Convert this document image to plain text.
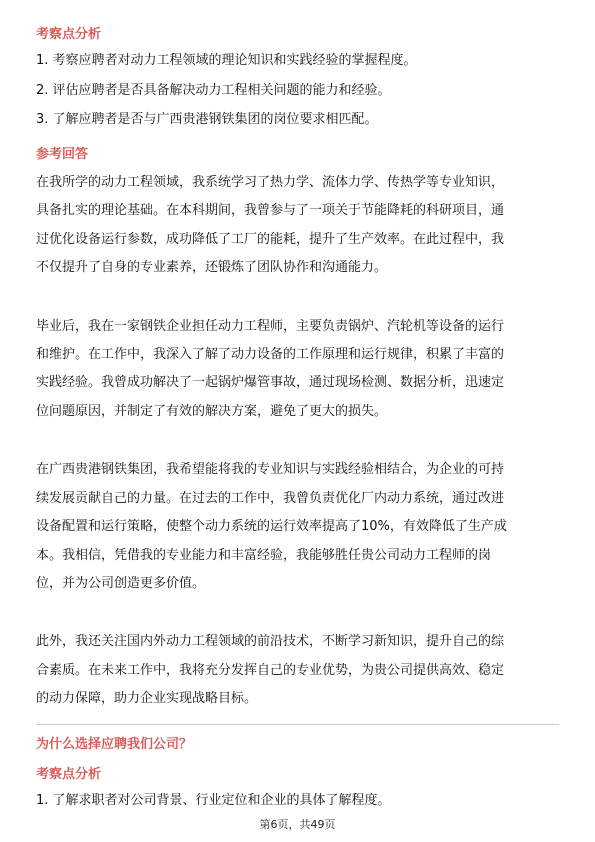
考察点分析
1. 考察应聘者对动力工程领域的理论知识和实践经验的掌握程度。
2. 评估应聘者是否具备解决动力工程相关问题的能力和经验。
3. 了解应聘者是否与广西贵港钢铁集团的岗位要求相匹配。
参考回答
在我所学的动力工程领域，我系统学习了热力学、流体力学、传热学等专业知识，
具备扎实的理论基础。在本科期间，我曾参与了一项关于节能降耗的科研项目，通
过优化设备运行参数，成功降低了工厂的能耗，提升了生产效率。在此过程中，我
不仅提升了自身的专业素养，还锻炼了团队协作和沟通能力。
毕业后，我在一家钢铁企业担任动力工程师，主要负责锅炉、汽轮机等设备的运行
和维护。在工作中，我深入了解了动力设备的工作原理和运行规律，积累了丰富的
实践经验。我曾成功解决了一起锅炉爆管事故，通过现场检测、数据分析，迅速定
位问题原因，并制定了有效的解决方案，避免了更大的损失。
在广西贵港钢铁集团，我希望能将我的专业知识与实践经验相结合，为企业的可持
续发展贡献自己的力量。在过去的工作中，我曾负责优化厂内动力系统，通过改进
设备配置和运行策略，使整个动力系统的运行效率提高了10%，有效降低了生产成
本。我相信，凭借我的专业能力和丰富经验，我能够胜任贵公司动力工程师的岗
位，并为公司创造更多价值。
此外，我还关注国内外动力工程领域的前沿技术，不断学习新知识，提升自己的综
合素质。在未来工作中，我将充分发挥自己的专业优势，为贵公司提供高效、稳定
的动力保障，助力企业实现战略目标。
为什么选择应聘我们公司？
考察点分析
1. 了解求职者对公司背景、行业定位和企业的具体了解程度。
第6页，共49页
